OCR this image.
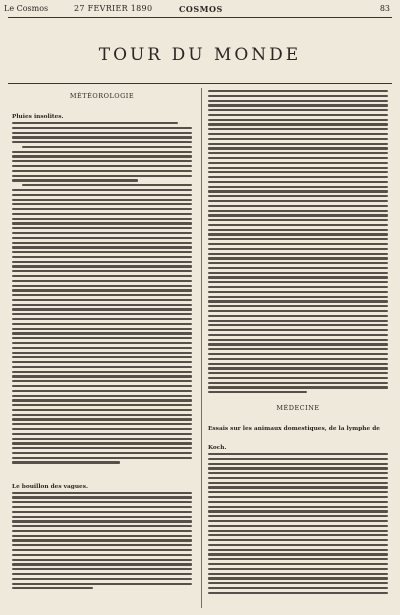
Le Cosmos	27 FEVRIER 1890	COSMOS	83
TOUR DU MONDE
MÉTÉOROLOGIE
Pluies insolites.
Le bouillon des vagues.
MÉDECINE
Essais sur les animaux domestiques, de la lymphe de Koch.
